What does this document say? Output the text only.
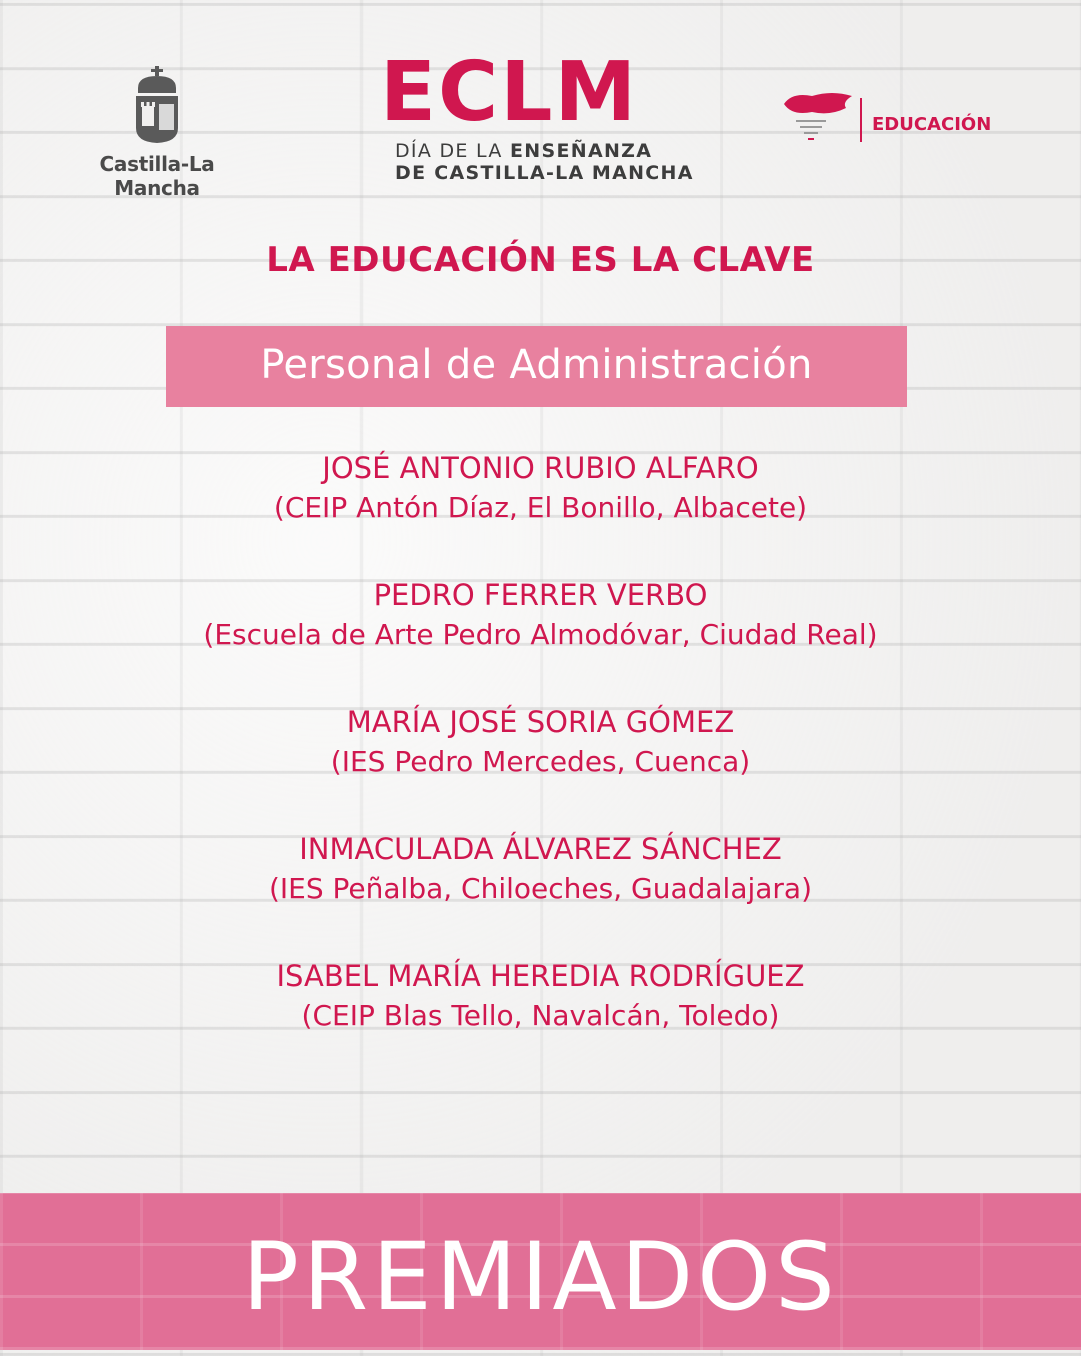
Castilla-La Mancha
ECLM
DÍA DE LA ENSEÑANZA
DE CASTILLA-LA MANCHA
EDUCACIÓN
LA EDUCACIÓN ES LA CLAVE
Personal de Administración
JOSÉ ANTONIO RUBIO ALFARO
(CEIP Antón Díaz, El Bonillo, Albacete)
PEDRO FERRER VERBO
(Escuela de Arte Pedro Almodóvar, Ciudad Real)
MARÍA JOSÉ SORIA GÓMEZ
(IES Pedro Mercedes, Cuenca)
INMACULADA ÁLVAREZ SÁNCHEZ
(IES Peñalba, Chiloeches, Guadalajara)
ISABEL MARÍA HEREDIA RODRÍGUEZ
(CEIP Blas Tello, Navalcán, Toledo)
PREMIADOS
